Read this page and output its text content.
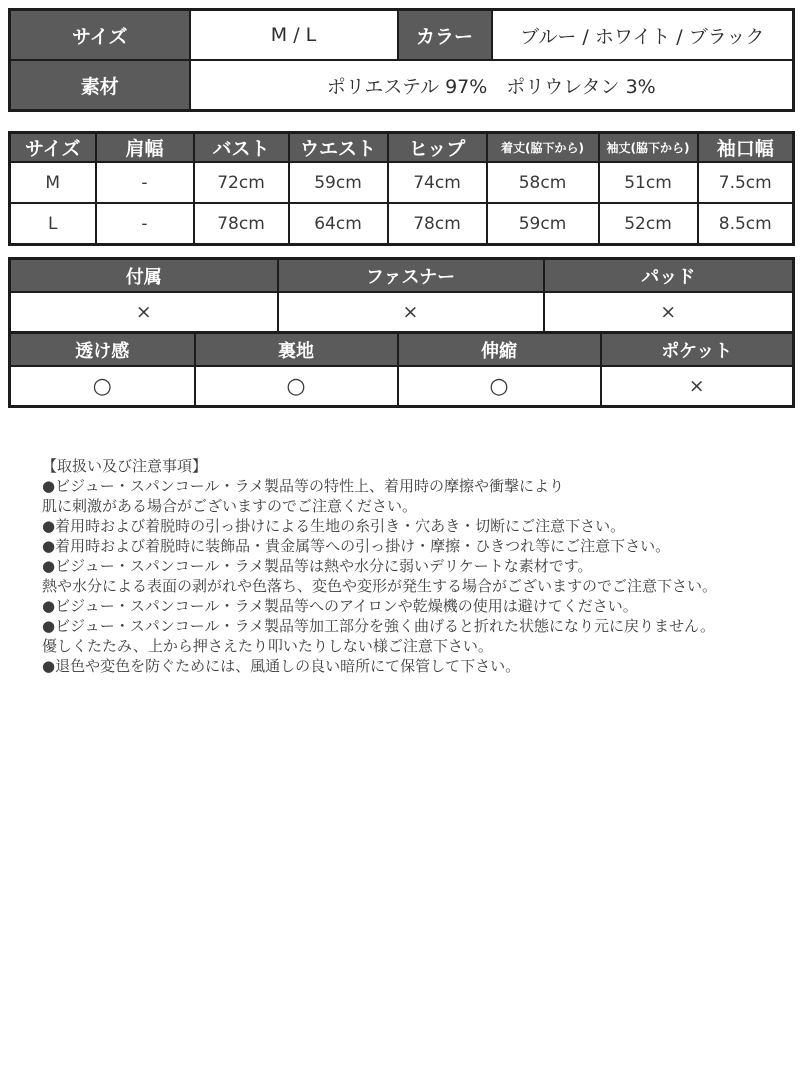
サイズ	M / L	カラー	ブルー / ホワイト / ブラック
素材	ポリエステル 97%　ポリウレタン 3%		
サイズ	肩幅	バスト	ウエスト	ヒップ	着丈(脇下から)	袖丈(脇下から)	袖口幅
M	-	72cm	59cm	74cm	58cm	51cm	7.5cm
L	-	78cm	64cm	78cm	59cm	52cm	8.5cm
付属	ファスナー	パッド
×	×	×
透け感	裏地	伸縮	ポケット
○	○	○	×
【取扱い及び注意事項】
●ビジュー・スパンコール・ラメ製品等の特性上、着用時の摩擦や衝撃により
肌に刺激がある場合がございますのでご注意ください。
●着用時および着脱時の引っ掛けによる生地の糸引き・穴あき・切断にご注意下さい。
●着用時および着脱時に装飾品・貴金属等への引っ掛け・摩擦・ひきつれ等にご注意下さい。
●ビジュー・スパンコール・ラメ製品等は熱や水分に弱いデリケートな素材です。
熱や水分による表面の剥がれや色落ち、変色や変形が発生する場合がございますのでご注意下さい。
●ビジュー・スパンコール・ラメ製品等へのアイロンや乾燥機の使用は避けてください。
●ビジュー・スパンコール・ラメ製品等加工部分を強く曲げると折れた状態になり元に戻りません。
優しくたたみ、上から押さえたり叩いたりしない様ご注意下さい。
●退色や変色を防ぐためには、風通しの良い暗所にて保管して下さい。
